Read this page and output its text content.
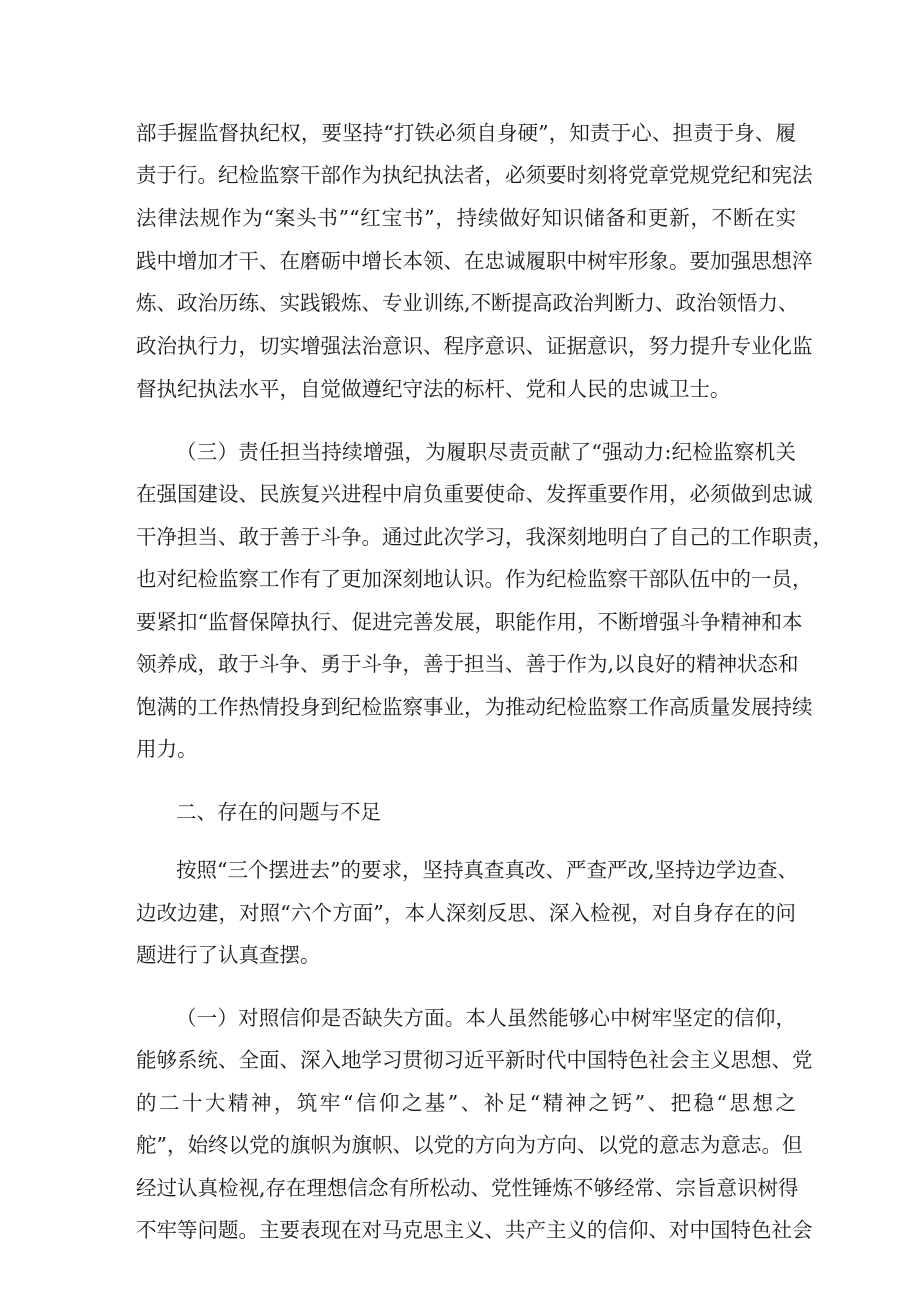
部手握监督执纪权，要坚持“打铁必须自身硬”，知责于心、担责于身、履
责于行。纪检监察干部作为执纪执法者，必须要时刻将党章党规党纪和宪法
法律法规作为“案头书”“红宝书”，持续做好知识储备和更新，不断在实
践中增加才干、在磨砺中增长本领、在忠诚履职中树牢形象。要加强思想淬
炼、政治历练、实践锻炼、专业训练,不断提高政治判断力、政治领悟力、
政治执行力，切实增强法治意识、程序意识、证据意识，努力提升专业化监
督执纪执法水平，自觉做遵纪守法的标杆、党和人民的忠诚卫士。
（三）责任担当持续增强，为履职尽责贡献了“强动力:纪检监察机关
在强国建设、民族复兴进程中肩负重要使命、发挥重要作用，必须做到忠诚
干净担当、敢于善于斗争。通过此次学习，我深刻地明白了自己的工作职责，
也对纪检监察工作有了更加深刻地认识。作为纪检监察干部队伍中的一员，
要紧扣“监督保障执行、促进完善发展，职能作用，不断增强斗争精神和本
领养成，敢于斗争、勇于斗争，善于担当、善于作为,以良好的精神状态和
饱满的工作热情投身到纪检监察事业，为推动纪检监察工作高质量发展持续
用力。
二、存在的问题与不足
按照“三个摆进去”的要求，坚持真查真改、严查严改,坚持边学边查、
边改边建，对照“六个方面”，本人深刻反思、深入检视，对自身存在的问
题进行了认真查摆。
（一）对照信仰是否缺失方面。本人虽然能够心中树牢坚定的信仰，
能够系统、全面、深入地学习贯彻习近平新时代中国特色社会主义思想、党
的二十大精神，筑牢“信仰之基”、补足“精神之钙”、把稳“思想之
舵”，始终以党的旗帜为旗帜、以党的方向为方向、以党的意志为意志。但
经过认真检视,存在理想信念有所松动、党性锤炼不够经常、宗旨意识树得
不牢等问题。主要表现在对马克思主义、共产主义的信仰、对中国特色社会
